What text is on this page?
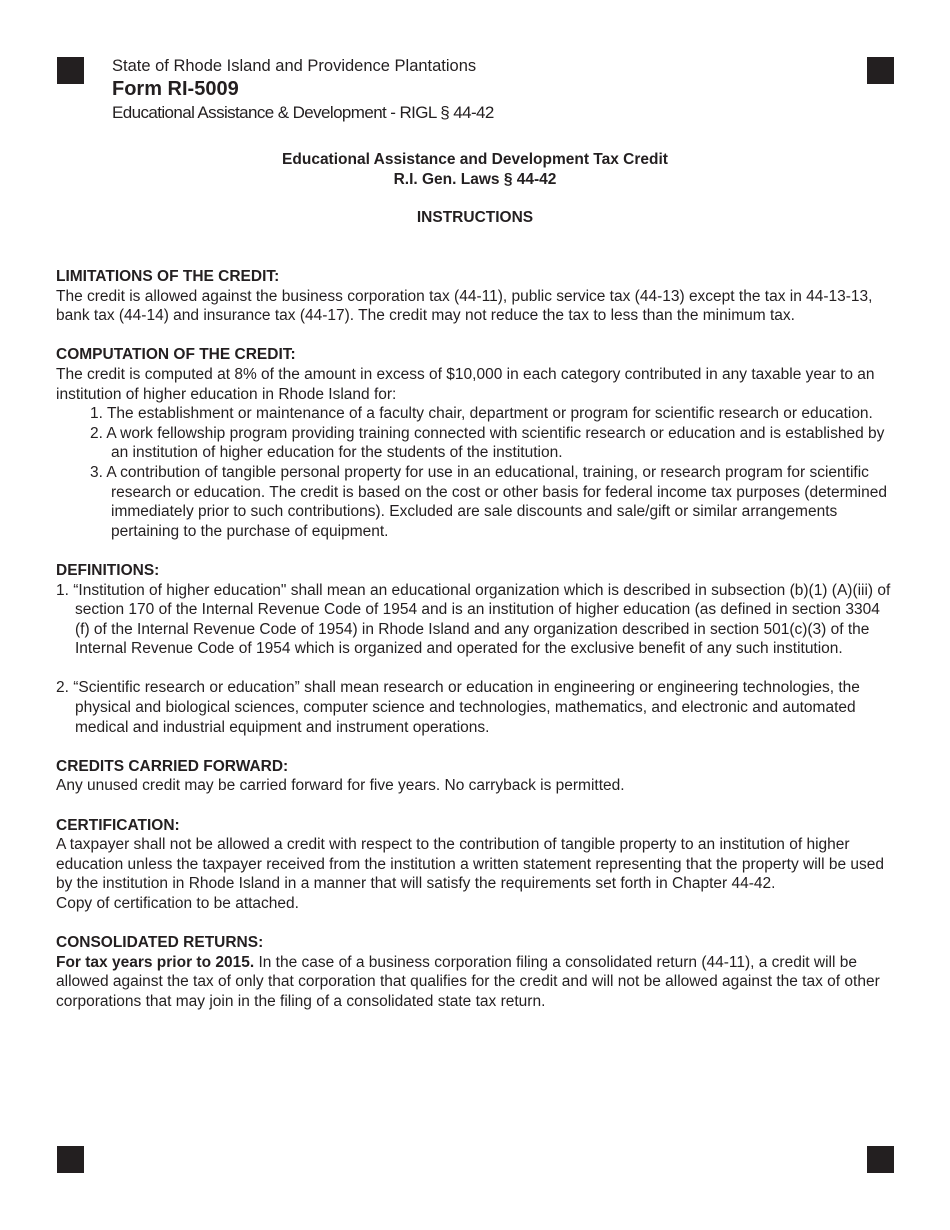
State of Rhode Island and Providence Plantations
Form RI-5009
Educational Assistance & Development - RIGL § 44-42
Educational Assistance and Development Tax Credit
R.I. Gen. Laws § 44-42
INSTRUCTIONS
LIMITATIONS OF THE CREDIT:

The credit is allowed against the business corporation tax (44-11), public service tax (44-13) except the tax in 44-13-13, bank tax (44-14) and insurance tax (44-17). The credit may not reduce the tax to less than the minimum tax.

COMPUTATION OF THE CREDIT:

The credit is computed at 8% of the amount in excess of $10,000 in each category contributed in any taxable year to an institution of higher education in Rhode Island for:

1. The establishment or maintenance of a faculty chair, department or program for scientific research or education.
2. A work fellowship program providing training connected with scientific research or education and is established by an institution of higher education for the students of the institution.
3. A contribution of tangible personal property for use in an educational, training, or research program for scientific research or education. The credit is based on the cost or other basis for federal income tax purposes (determined immediately prior to such contributions). Excluded are sale discounts and sale/gift or similar arrangements pertaining to the purchase of equipment.
DEFINITIONS:
1. “Institution of higher education" shall mean an educational organization which is described in subsection (b)(1) (A)(iii) of section 170 of the Internal Revenue Code of 1954 and is an institution of higher education (as defined in section 3304 (f) of the Internal Revenue Code of 1954) in Rhode Island and any organization described in section 501(c)(3) of the Internal Revenue Code of 1954 which is organized and operated for the exclusive benefit of any such institution.
2. “Scientific research or education” shall mean research or education in engineering or engineering technologies, the physical and biological sciences, computer science and technologies, mathematics, and electronic and automated medical and industrial equipment and instrument operations.
CREDITS CARRIED FORWARD:

Any unused credit may be carried forward for five years. No carryback is permitted.

CERTIFICATION:

A taxpayer shall not be allowed a credit with respect to the contribution of tangible property to an institution of higher education unless the taxpayer received from the institution a written statement representing that the property will be used by the institution in Rhode Island in a manner that will satisfy the requirements set forth in Chapter 44-42.

Copy of certification to be attached.

CONSOLIDATED RETURNS:

For tax years prior to 2015. In the case of a business corporation filing a consolidated return (44-11), a credit will be allowed against the tax of only that corporation that qualifies for the credit and will not be allowed against the tax of other corporations that may join in the filing of a consolidated state tax return.
